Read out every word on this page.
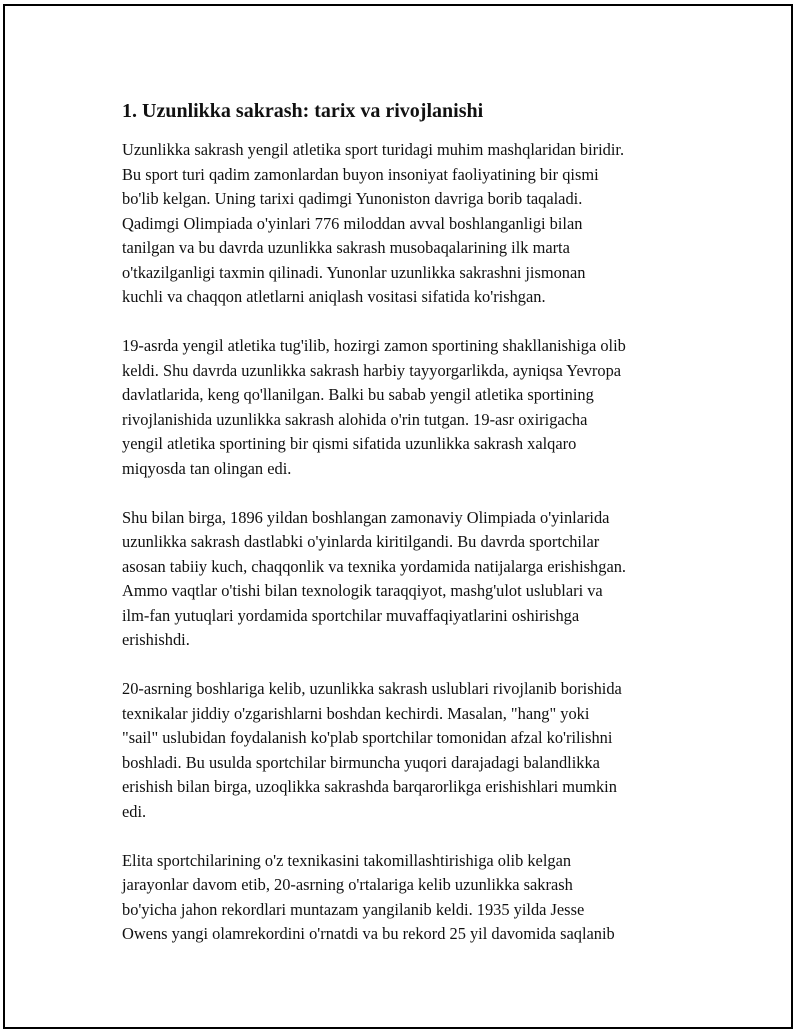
1. Uzunlikka sakrash: tarix va rivojlanishi

Uzunlikka sakrash yengil atletika sport turidagi muhim mashqlaridan biridir.
Bu sport turi qadim zamonlardan buyon insoniyat faoliyatining bir qismi
bo'lib kelgan. Uning tarixi qadimgi Yunoniston davriga borib taqaladi.
Qadimgi Olimpiada o'yinlari 776 miloddan avval boshlanganligi bilan
tanilgan va bu davrda uzunlikka sakrash musobaqalarining ilk marta
o'tkazilganligi taxmin qilinadi. Yunonlar uzunlikka sakrashni jismonan
kuchli va chaqqon atletlarni aniqlash vositasi sifatida ko'rishgan.

19-asrda yengil atletika tug'ilib, hozirgi zamon sportining shakllanishiga olib
keldi. Shu davrda uzunlikka sakrash harbiy tayyorgarlikda, ayniqsa Yevropa
davlatlarida, keng qo'llanilgan. Balki bu sabab yengil atletika sportining
rivojlanishida uzunlikka sakrash alohida o'rin tutgan. 19-asr oxirigacha
yengil atletika sportining bir qismi sifatida uzunlikka sakrash xalqaro
miqyosda tan olingan edi.

Shu bilan birga, 1896 yildan boshlangan zamonaviy Olimpiada o'yinlarida
uzunlikka sakrash dastlabki o'yinlarda kiritilgandi. Bu davrda sportchilar
asosan tabiiy kuch, chaqqonlik va texnika yordamida natijalarga erishishgan.
Ammo vaqtlar o'tishi bilan texnologik taraqqiyot, mashg'ulot uslublari va
ilm-fan yutuqlari yordamida sportchilar muvaffaqiyatlarini oshirishga
erishishdi.

20-asrning boshlariga kelib, uzunlikka sakrash uslublari rivojlanib borishida
texnikalar jiddiy o'zgarishlarni boshdan kechirdi. Masalan, "hang" yoki
"sail" uslubidan foydalanish ko'plab sportchilar tomonidan afzal ko'rilishni
boshladi. Bu usulda sportchilar birmuncha yuqori darajadagi balandlikka
erishish bilan birga, uzoqlikka sakrashda barqarorlikga erishishlari mumkin
edi.

Elita sportchilarining o'z texnikasini takomillashtirishiga olib kelgan
jarayonlar davom etib, 20-asrning o'rtalariga kelib uzunlikka sakrash
bo'yicha jahon rekordlari muntazam yangilanib keldi. 1935 yilda Jesse
Owens yangi olamrekordini o'rnatdi va bu rekord 25 yil davomida saqlanib
